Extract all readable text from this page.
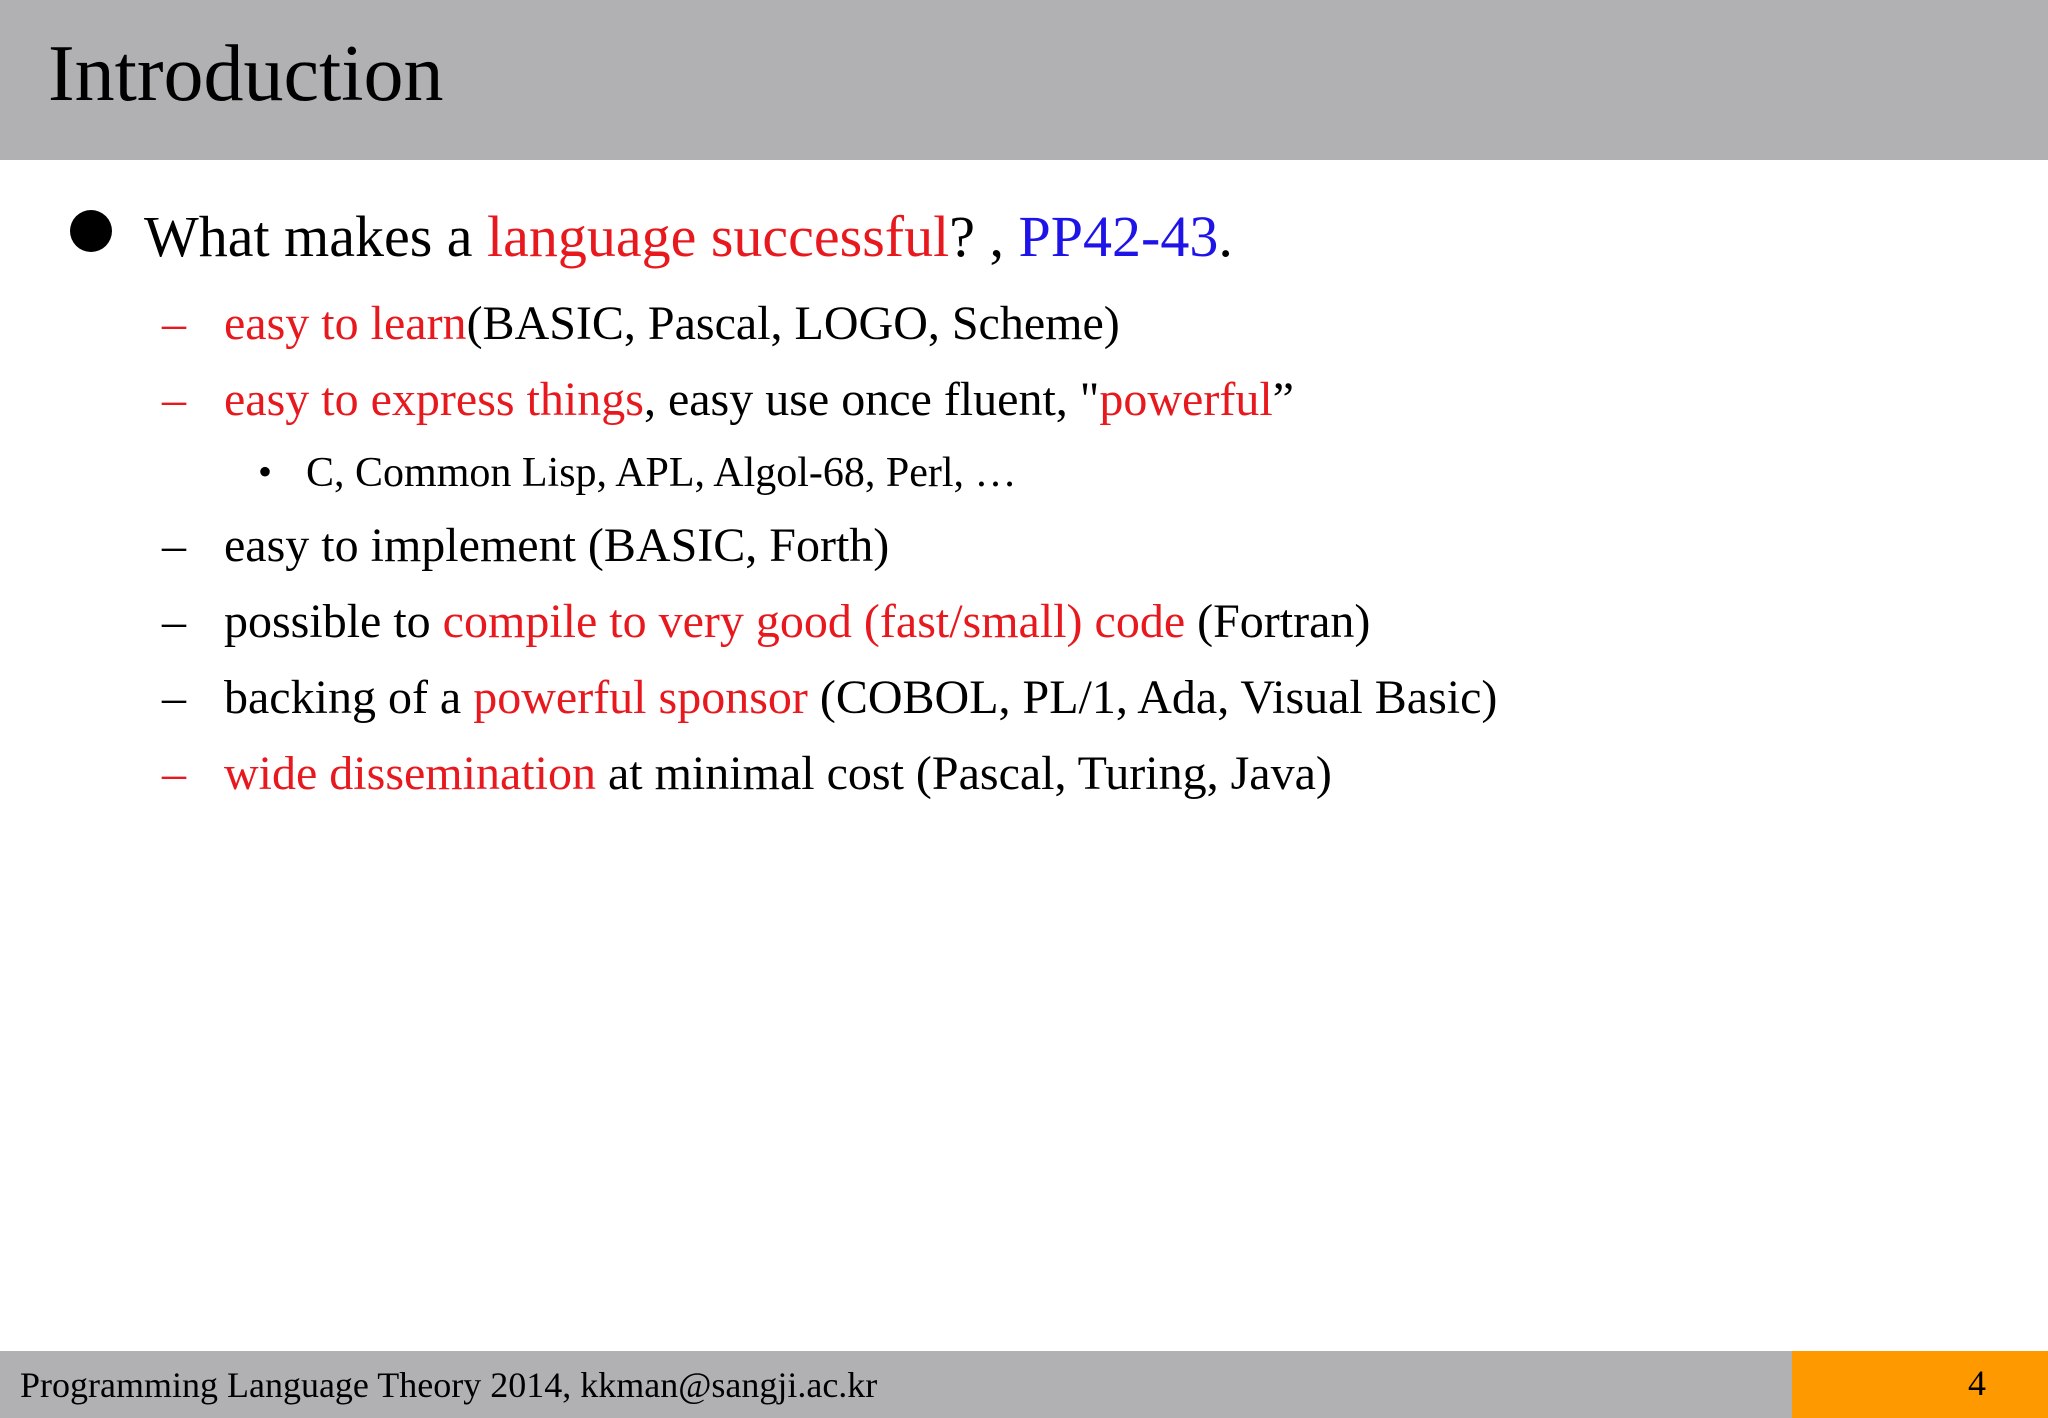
Introduction
What makes a language successful? , PP42-43.
– easy to learn(BASIC, Pascal, LOGO, Scheme)
– easy to express things, easy use once fluent, "powerful”
• C, Common Lisp, APL, Algol-68, Perl, …
– easy to implement (BASIC, Forth)
– possible to compile to very good (fast/small) code (Fortran)
– backing of a powerful sponsor (COBOL, PL/1, Ada, Visual Basic)
– wide dissemination at minimal cost (Pascal, Turing, Java)
Programming Language Theory 2014, kkman@sangji.ac.kr	4
